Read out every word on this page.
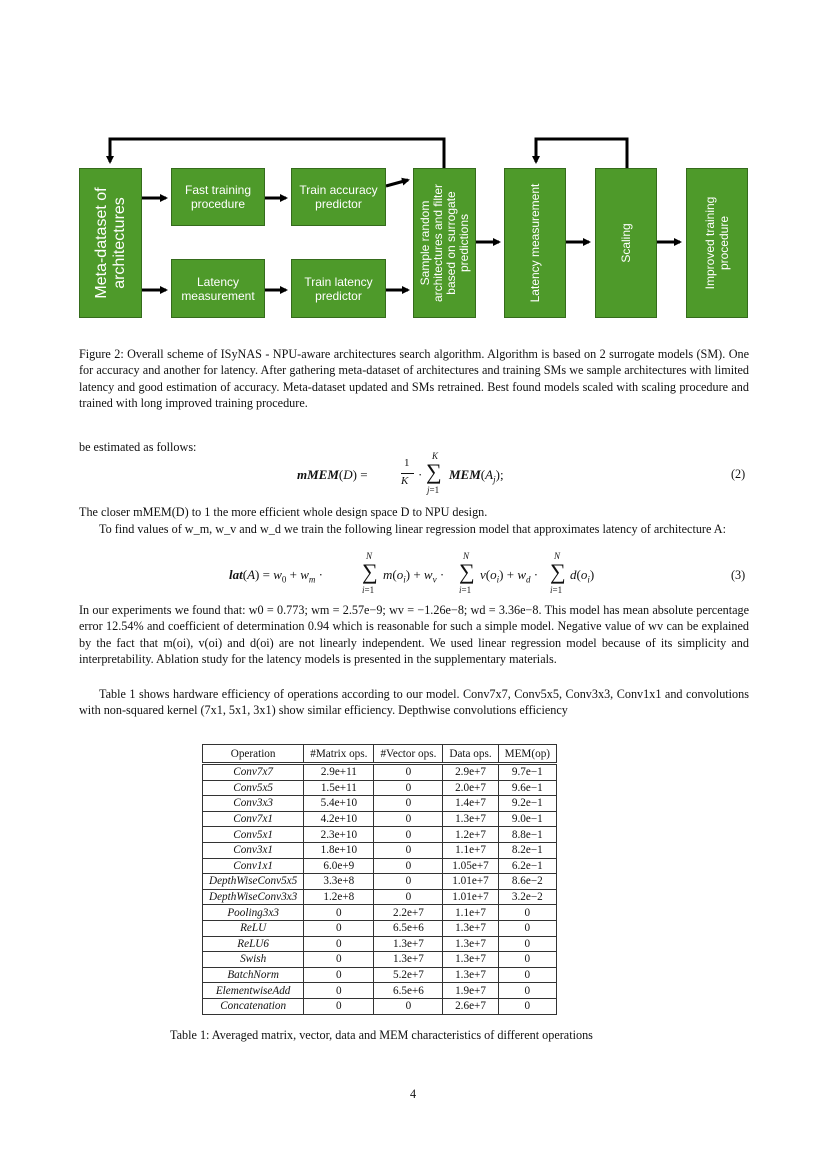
Meta-dataset of architectures
Fast training procedure
Train accuracy predictor
Latency measurement
Train latency predictor
Sample random architectures and filter based on surrogate predictions	Latency measurement	Scaling	Improved training procedure
Figure 2: Overall scheme of ISyNAS - NPU-aware architectures search algorithm. Algorithm is based on 2 surrogate models (SM). One for accuracy and another for latency. After gathering meta-dataset of architectures and training SMs we sample architectures with limited latency and good estimation of accuracy. Meta-dataset updated and SMs retrained. Best found models scaled with scaling procedure and trained with long improved training procedure.
be estimated as follows:
mMEM(D) =
1
K ·
K
∑
j=1
$MEM(A_j)$;	(2)
The closer mMEM(D) to 1 the more efficient whole design space D to NPU design.
To find values of w_m, w_v and w_d we train the following linear regression model that approximates latency of architecture A:
$lat(A) = w_0 + w_m$ ·
N
∑
i=1
$m(o_i) + w_v$ ·
N
∑
i=1
$v(o_i) + w_d$ ·
N
∑
i=1
$d(o_i)$	(3)
In our experiments we found that: w0 = 0.773; wm = 2.57e−9; wv = −1.26e−8; wd = 3.36e−8. This model has mean absolute percentage error 12.54% and coefficient of determination 0.94 which is reasonable for such a simple model. Negative value of wv can be explained by the fact that m(oi), v(oi) and d(oi) are not linearly independent. We used linear regression model because of its simplicity and interpretability. Ablation study for the latency models is presented in the supplementary materials.
Table 1 shows hardware efficiency of operations according to our model. Conv7x7, Conv5x5, Conv3x3, Conv1x1 and convolutions with non-squared kernel (7x1, 5x1, 3x1) show similar efficiency. Depthwise convolutions efficiency
Operation	#Matrix ops.	#Vector ops.	Data ops.	MEM(op)
Conv7x7	2.9e+11	0	2.9e+7	9.7e−1
Conv5x5	1.5e+11	0	2.0e+7	9.6e−1
Conv3x3	5.4e+10	0	1.4e+7	9.2e−1
Conv7x1	4.2e+10	0	1.3e+7	9.0e−1
Conv5x1	2.3e+10	0	1.2e+7	8.8e−1
Conv3x1	1.8e+10	0	1.1e+7	8.2e−1
Conv1x1	6.0e+9	0	1.05e+7	6.2e−1
DepthWiseConv5x5	3.3e+8	0	1.01e+7	8.6e−2
DepthWiseConv3x3	1.2e+8	0	1.01e+7	3.2e−2
Pooling3x3	0	2.2e+7	1.1e+7	0
ReLU	0	6.5e+6	1.3e+7	0
ReLU6	0	1.3e+7	1.3e+7	0
Swish	0	1.3e+7	1.3e+7	0
BatchNorm	0	5.2e+7	1.3e+7	0
ElementwiseAdd	0	6.5e+6	1.9e+7	0
Concatenation	0	0	2.6e+7	0
Table 1: Averaged matrix, vector, data and MEM characteristics of different operations
4
